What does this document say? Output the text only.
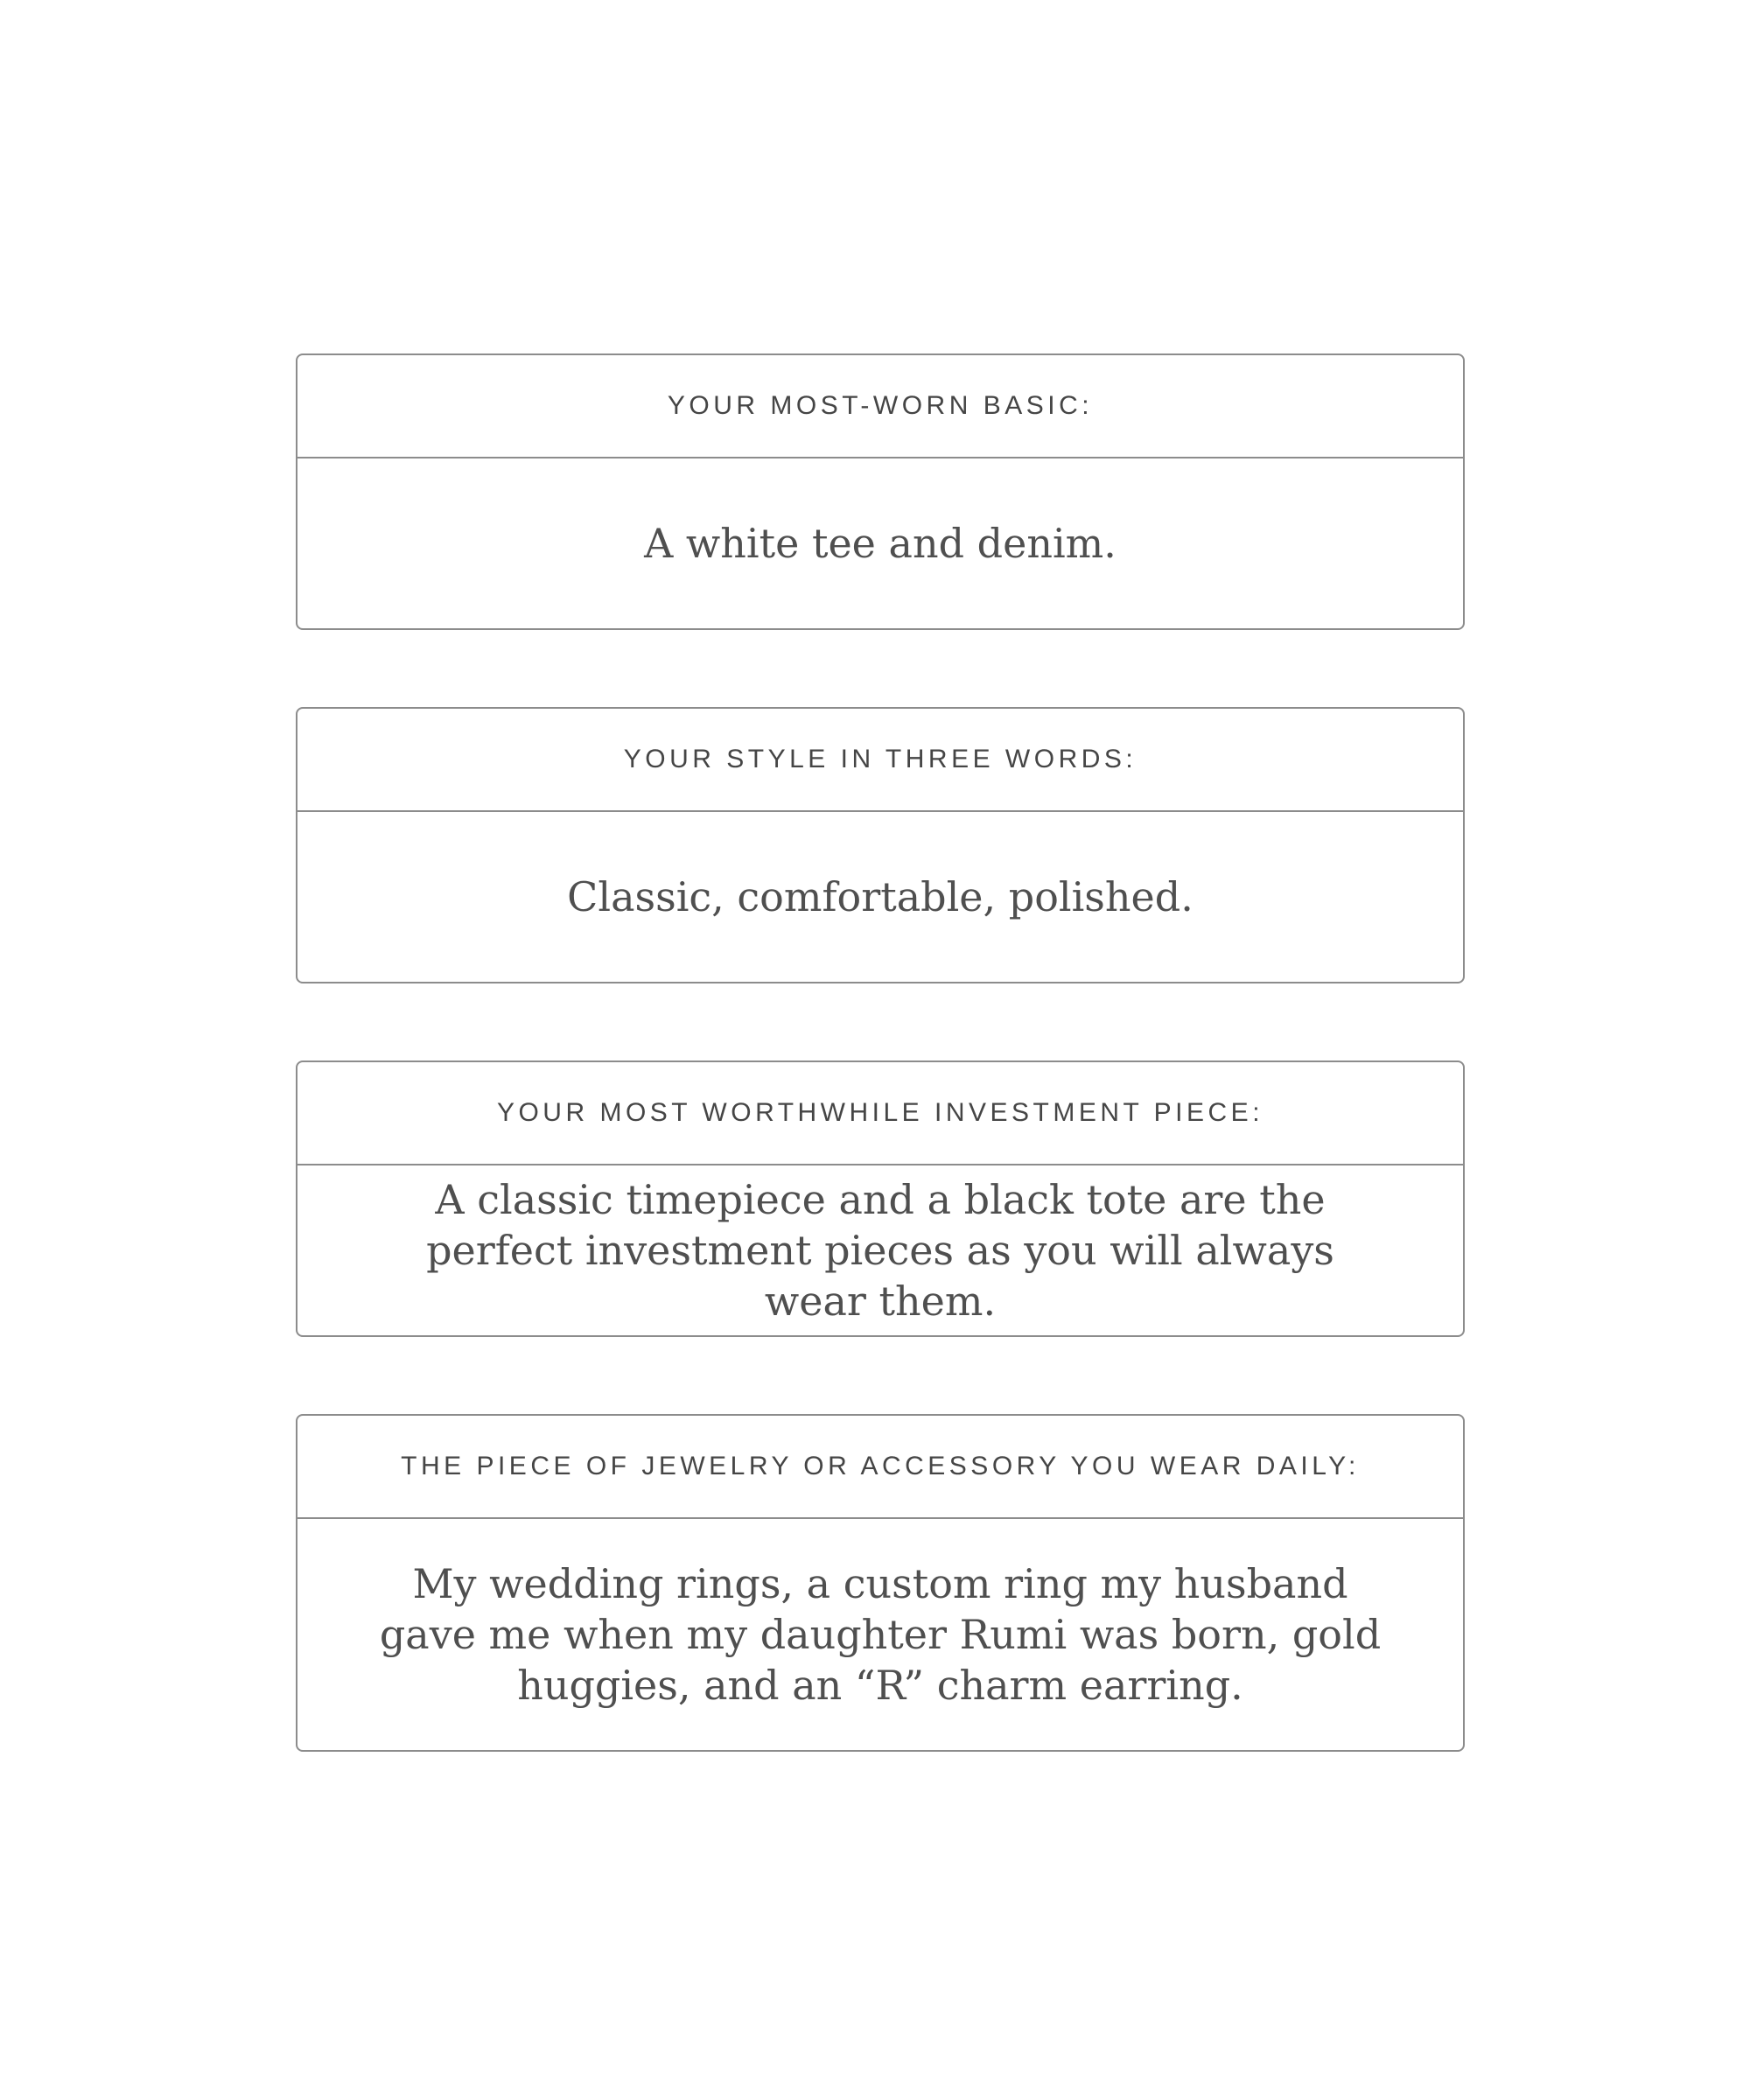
YOUR MOST-WORN BASIC:
A white tee and denim.
YOUR STYLE IN THREE WORDS:
Classic, comfortable, polished.
YOUR MOST WORTHWHILE INVESTMENT PIECE:
A classic timepiece and a black tote are the perfect investment pieces as you will always wear them.
THE PIECE OF JEWELRY OR ACCESSORY YOU WEAR DAILY:
My wedding rings, a custom ring my husband gave me when my daughter Rumi was born, gold huggies, and an “R” charm earring.
